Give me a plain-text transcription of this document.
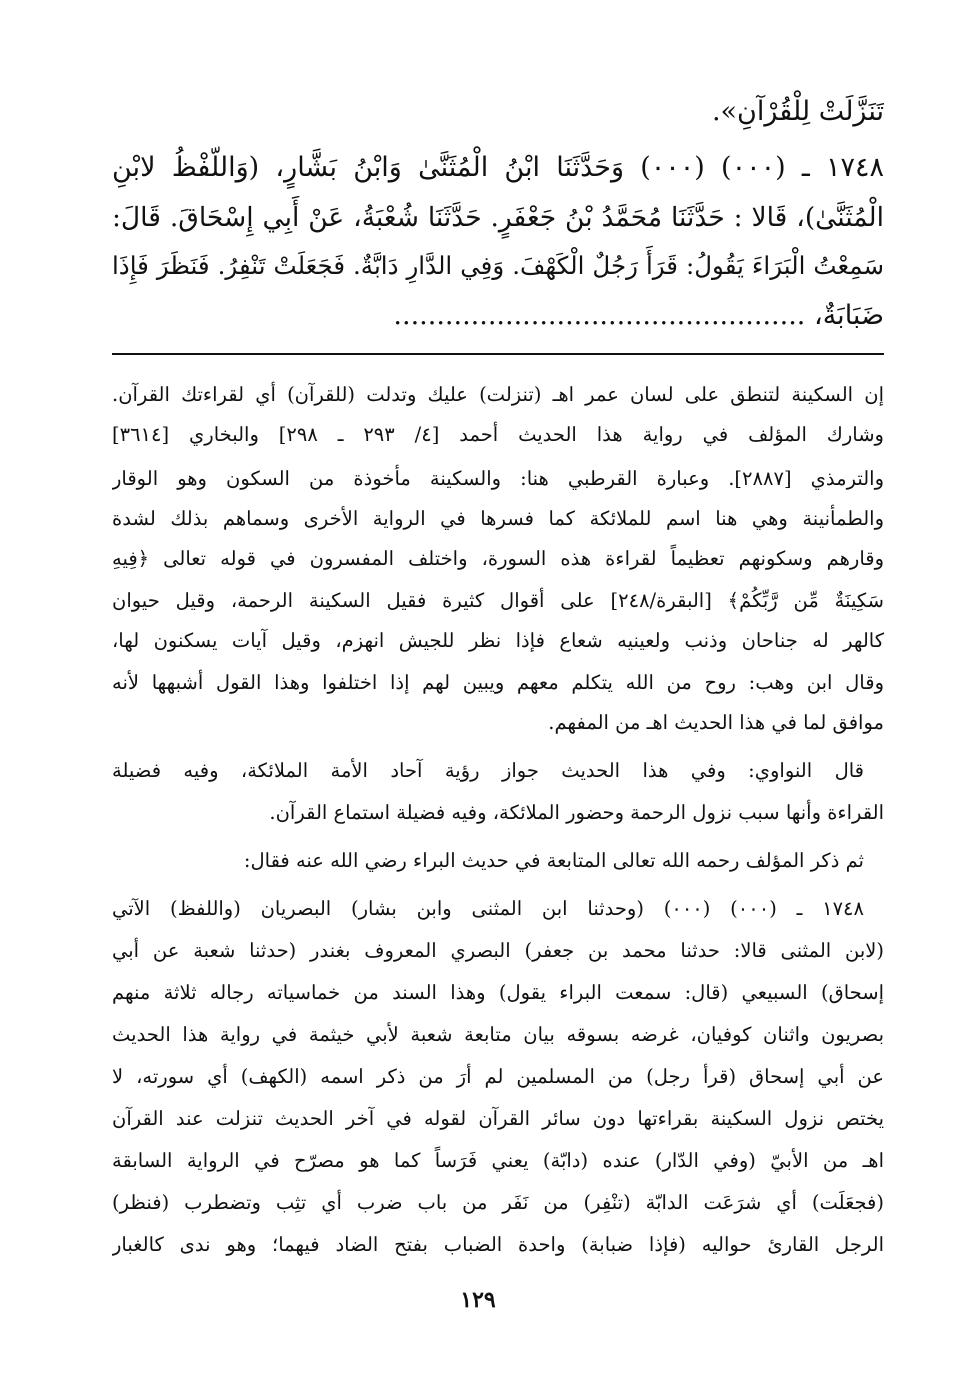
تَنَزَّلَتْ لِلْقُرْآنِ».
١٧٤٨ ـ (٠٠٠) (٠٠٠) وَحَدَّثَنَا ابْنُ الْمُثَنَّىٰ وَابْنُ بَشَّارٍ، (وَاللَّفْظُ لابْنِ
الْمُثَنَّىٰ)، قَالا : حَدَّثَنَا مُحَمَّدُ بْنُ جَعْفَرٍ. حَدَّثَنَا شُعْبَةُ، عَنْ أَبِي إِسْحَاقَ. قَالَ:
سَمِعْتُ الْبَرَاءَ يَقُولُ: قَرَأَ رَجُلٌ الْكَهْفَ. وَفِي الدَّارِ دَابَّةٌ. فَجَعَلَتْ تَنْفِرُ. فَنَظَرَ فَإِذَا
ضَبَابَةٌ، ................................................
إن السكينة لتنطق على لسان عمر اهـ (تنزلت) عليك وتدلت (للقرآن) أي لقراءتك القرآن.
وشارك المؤلف في رواية هذا الحديث أحمد [٤/ ٢٩٣ ـ ٢٩٨] والبخاري [٣٦١٤]
والترمذي [٢٨٨٧]. وعبارة القرطبي هنا: والسكينة مأخوذة من السكون وهو الوقار
والطمأنينة وهي هنا اسم للملائكة كما فسرها في الرواية الأخرى وسماهم بذلك لشدة
وقارهم وسكونهم تعظيماً لقراءة هذه السورة، واختلف المفسرون في قوله تعالى ﴿فِيهِ
سَكِينَةٌ مِّن رَّبِّكُمْ﴾ [البقرة/٢٤٨] على أقوال كثيرة فقيل السكينة الرحمة، وقيل حيوان
كالهر له جناحان وذنب ولعينيه شعاع فإذا نظر للجيش انهزم، وقيل آيات يسكنون لها،
وقال ابن وهب: روح من الله يتكلم معهم ويبين لهم إذا اختلفوا وهذا القول أشبهها لأنه
موافق لما في هذا الحديث اهـ من المفهم.
قال النواوي: وفي هذا الحديث جواز رؤية آحاد الأمة الملائكة، وفيه فضيلة
القراءة وأنها سبب نزول الرحمة وحضور الملائكة، وفيه فضيلة استماع القرآن.
ثم ذكر المؤلف رحمه الله تعالى المتابعة في حديث البراء رضي الله عنه فقال:
١٧٤٨ ـ (٠٠٠) (٠٠٠) (وحدثنا ابن المثنى وابن بشار) البصريان (واللفظ) الآتي
(لابن المثنى قالا: حدثنا محمد بن جعفر) البصري المعروف بغندر (حدثنا شعبة عن أبي
إسحاق) السبيعي (قال: سمعت البراء يقول) وهذا السند من خماسياته رجاله ثلاثة منهم
بصريون واثنان كوفيان، غرضه بسوقه بيان متابعة شعبة لأبي خيثمة في رواية هذا الحديث
عن أبي إسحاق (قرأ رجل) من المسلمين لم أرَ من ذكر اسمه (الكهف) أي سورته، لا
يختص نزول السكينة بقراءتها دون سائر القرآن لقوله في آخر الحديث تنزلت عند القرآن
اهـ من الأبيّ (وفي الدّار) عنده (دابّة) يعني فَرَساً كما هو مصرّح في الرواية السابقة
(فجعَلَت) أي شرَعَت الدابّة (تنْفِر) من نَفَر من باب ضرب أي تثِب وتضطرب (فنظر)
الرجل القارئ حواليه (فإذا ضبابة) واحدة الضباب بفتح الضاد فيهما؛ وهو ندى كالغبار
١٢٩
